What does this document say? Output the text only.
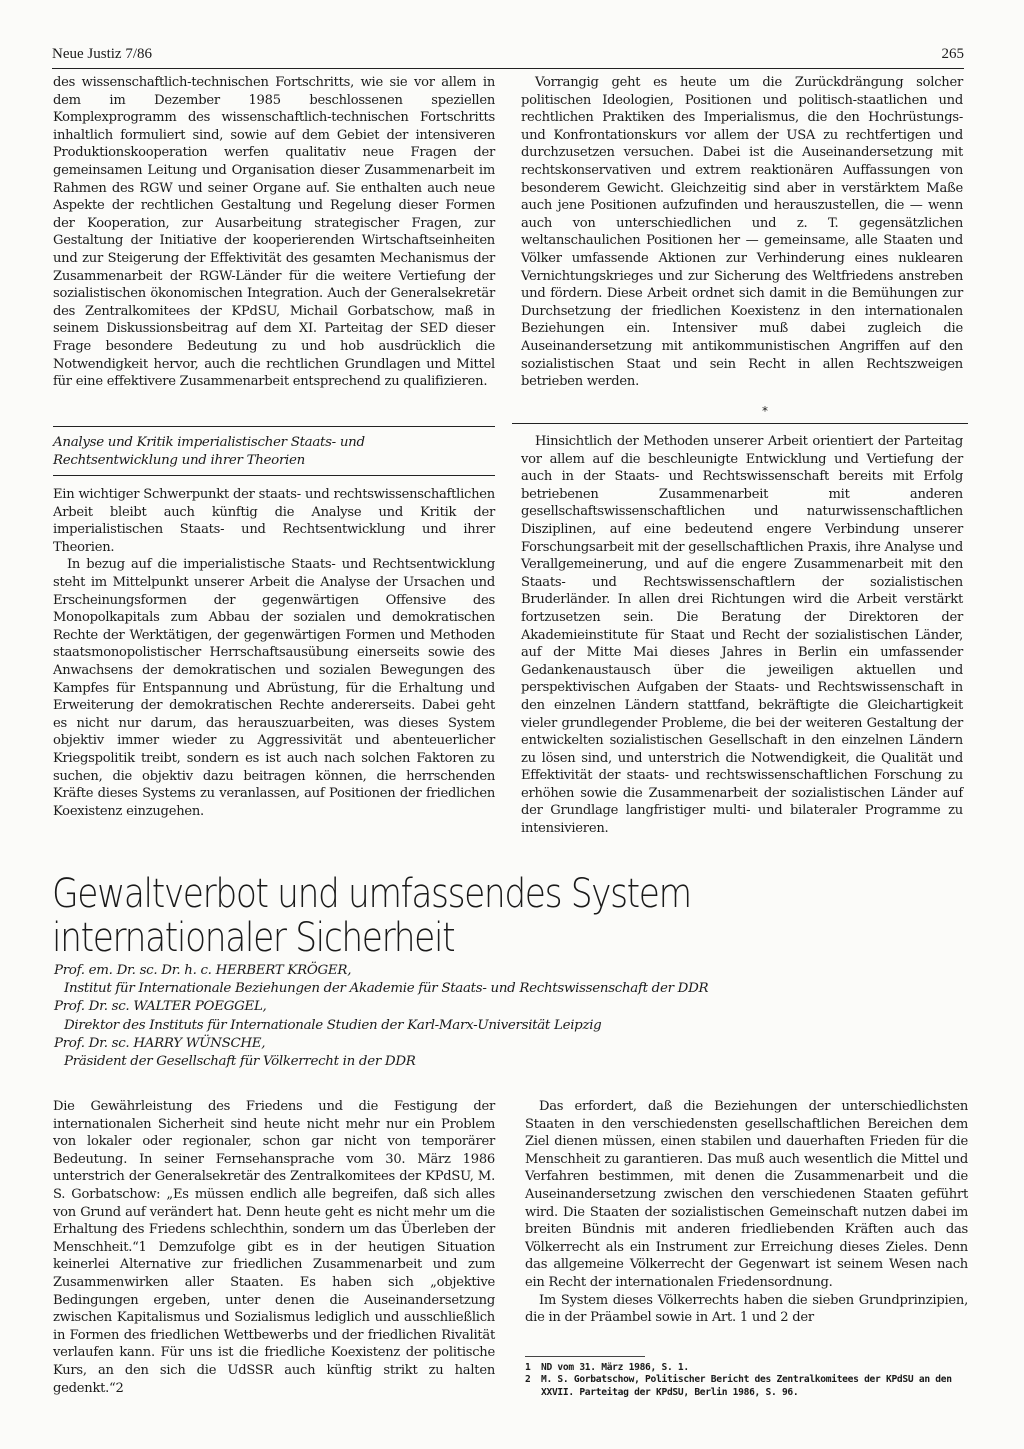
Neue Justiz 7/86	265

des wissenschaftlich-technischen Fortschritts, wie sie vor allem in dem im Dezember 1985 beschlossenen speziellen Komplexprogramm des wissenschaftlich-technischen Fortschritts inhaltlich formuliert sind, sowie auf dem Gebiet der intensiveren Produktionskooperation werfen qualitativ neue Fragen der gemeinsamen Leitung und Organisation dieser Zusammenarbeit im Rahmen des RGW und seiner Organe auf. Sie enthalten auch neue Aspekte der rechtlichen Gestaltung und Regelung dieser Formen der Kooperation, zur Ausarbeitung strategischer Fragen, zur Gestaltung der Initiative der kooperierenden Wirtschaftseinheiten und zur Steigerung der Effektivität des gesamten Mechanismus der Zusammenarbeit der RGW-Länder für die weitere Vertiefung der sozialistischen ökonomischen Integration. Auch der Generalsekretär des Zentralkomitees der KPdSU, Michail Gorbatschow, maß in seinem Diskussionsbeitrag auf dem XI. Parteitag der SED dieser Frage besondere Bedeutung zu und hob ausdrücklich die Notwendigkeit hervor, auch die rechtlichen Grundlagen und Mittel für eine effektivere Zusammenarbeit entsprechend zu qualifizieren.

Analyse und Kritik imperialistischer Staats- und
Rechtsentwicklung und ihrer Theorien

Ein wichtiger Schwerpunkt der staats- und rechtswissenschaftlichen Arbeit bleibt auch künftig die Analyse und Kritik der imperialistischen Staats- und Rechtsentwicklung und ihrer Theorien.

In bezug auf die imperialistische Staats- und Rechtsentwicklung steht im Mittelpunkt unserer Arbeit die Analyse der Ursachen und Erscheinungsformen der gegenwärtigen Offensive des Monopolkapitals zum Abbau der sozialen und demokratischen Rechte der Werktätigen, der gegenwärtigen Formen und Methoden staatsmonopolistischer Herrschaftsausübung einerseits sowie des Anwachsens der demokratischen und sozialen Bewegungen des Kampfes für Entspannung und Abrüstung, für die Erhaltung und Erweiterung der demokratischen Rechte andererseits. Dabei geht es nicht nur darum, das herauszuarbeiten, was dieses System objektiv immer wieder zu Aggressivität und abenteuerlicher Kriegspolitik treibt, sondern es ist auch nach solchen Faktoren zu suchen, die objektiv dazu beitragen können, die herrschenden Kräfte dieses Systems zu veranlassen, auf Positionen der friedlichen Koexistenz einzugehen.

Vorrangig geht es heute um die Zurückdrängung solcher politischen Ideologien, Positionen und politisch-staatlichen und rechtlichen Praktiken des Imperialismus, die den Hochrüstungs- und Konfrontationskurs vor allem der USA zu rechtfertigen und durchzusetzen versuchen. Dabei ist die Auseinandersetzung mit rechtskonservativen und extrem reaktionären Auffassungen von besonderem Gewicht. Gleichzeitig sind aber in verstärktem Maße auch jene Positionen aufzufinden und herauszustellen, die — wenn auch von unterschiedlichen und z. T. gegensätzlichen weltanschaulichen Positionen her — gemeinsame, alle Staaten und Völker umfassende Aktionen zur Verhinderung eines nuklearen Vernichtungskrieges und zur Sicherung des Weltfriedens anstreben und fördern. Diese Arbeit ordnet sich damit in die Bemühungen zur Durchsetzung der friedlichen Koexistenz in den internationalen Beziehungen ein. Intensiver muß dabei zugleich die Auseinandersetzung mit antikommunistischen Angriffen auf den sozialistischen Staat und sein Recht in allen Rechtszweigen betrieben werden.

*

Hinsichtlich der Methoden unserer Arbeit orientiert der Parteitag vor allem auf die beschleunigte Entwicklung und Vertiefung der auch in der Staats- und Rechtswissenschaft bereits mit Erfolg betriebenen Zusammenarbeit mit anderen gesellschaftswissenschaftlichen und naturwissenschaftlichen Disziplinen, auf eine bedeutend engere Verbindung unserer Forschungsarbeit mit der gesellschaftlichen Praxis, ihre Analyse und Verallgemeinerung, und auf die engere Zusammenarbeit mit den Staats- und Rechtswissenschaftlern der sozialistischen Bruderländer. In allen drei Richtungen wird die Arbeit verstärkt fortzusetzen sein. Die Beratung der Direktoren der Akademieinstitute für Staat und Recht der sozialistischen Länder, auf der Mitte Mai dieses Jahres in Berlin ein umfassender Gedankenaustausch über die jeweiligen aktuellen und perspektivischen Aufgaben der Staats- und Rechtswissenschaft in den einzelnen Ländern stattfand, bekräftigte die Gleichartigkeit vieler grundlegender Probleme, die bei der weiteren Gestaltung der entwickelten sozialistischen Gesellschaft in den einzelnen Ländern zu lösen sind, und unterstrich die Notwendigkeit, die Qualität und Effektivität der staats- und rechtswissenschaftlichen Forschung zu erhöhen sowie die Zusammenarbeit der sozialistischen Länder auf der Grundlage langfristiger multi- und bilateraler Programme zu intensivieren.

Gewaltverbot und umfassendes System
internationaler Sicherheit
Prof. em. Dr. sc. Dr. h. c. HERBERT KRÖGER,
Institut für Internationale Beziehungen der Akademie für Staats- und Rechtswissenschaft der DDR
Prof. Dr. sc. WALTER POEGGEL,
Direktor des Instituts für Internationale Studien der Karl-Marx-Universität Leipzig
Prof. Dr. sc. HARRY WÜNSCHE,
Präsident der Gesellschaft für Völkerrecht in der DDR

Die Gewährleistung des Friedens und die Festigung der internationalen Sicherheit sind heute nicht mehr nur ein Problem von lokaler oder regionaler, schon gar nicht von temporärer Bedeutung. In seiner Fernsehansprache vom 30. März 1986 unterstrich der Generalsekretär des Zentralkomitees der KPdSU, M. S. Gorbatschow: „Es müssen endlich alle begreifen, daß sich alles von Grund auf verändert hat. Denn heute geht es nicht mehr um die Erhaltung des Friedens schlechthin, sondern um das Überleben der Menschheit.“1 Demzufolge gibt es in der heutigen Situation keinerlei Alternative zur friedlichen Zusammenarbeit und zum Zusammenwirken aller Staaten. Es haben sich „objektive Bedingungen ergeben, unter denen die Auseinandersetzung zwischen Kapitalismus und Sozialismus lediglich und ausschließlich in Formen des friedlichen Wettbewerbs und der friedlichen Rivalität verlaufen kann. Für uns ist die friedliche Koexistenz der politische Kurs, an den sich die UdSSR auch künftig strikt zu halten gedenkt.“2

Das erfordert, daß die Beziehungen der unterschiedlichsten Staaten in den verschiedensten gesellschaftlichen Bereichen dem Ziel dienen müssen, einen stabilen und dauerhaften Frieden für die Menschheit zu garantieren. Das muß auch wesentlich die Mittel und Verfahren bestimmen, mit denen die Zusammenarbeit und die Auseinandersetzung zwischen den verschiedenen Staaten geführt wird. Die Staaten der sozialistischen Gemeinschaft nutzen dabei im breiten Bündnis mit anderen friedliebenden Kräften auch das Völkerrecht als ein Instrument zur Erreichung dieses Zieles. Denn das allgemeine Völkerrecht der Gegenwart ist seinem Wesen nach ein Recht der internationalen Friedensordnung.

Im System dieses Völkerrechts haben die sieben Grundprinzipien, die in der Präambel sowie in Art. 1 und 2 der

1	ND vom 31. März 1986, S. 1.
2	M. S. Gorbatschow, Politischer Bericht des Zentralkomitees der KPdSU an den XXVII. Parteitag der KPdSU, Berlin 1986, S. 96.
